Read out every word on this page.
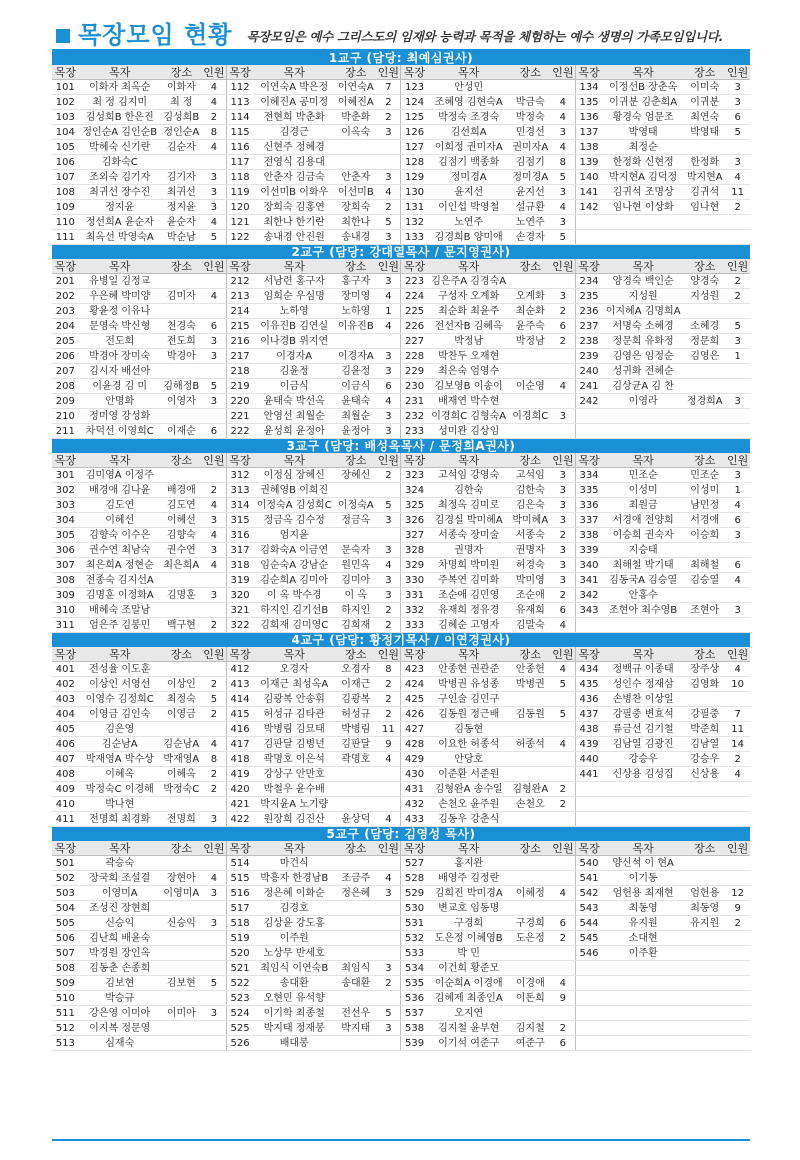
목장모임 현황 목장모임은 예수 그리스도의 임재와 능력과 목적을 체험하는 예수 생명의 가족모임입니다.
1교구 (담당: 최예심권사)
목장	목자	장소	인원	목장	목자	장소	인원	목장	목자	장소	인원	목장	목자	장소	인원
101	이화자 최옥순	이화자	4	112	이연숙A 박은정	이연숙A	7	123	안성민			134	이정선B 장춘옥	이미숙	3
102	최 정 김지미	최 정	4	113	이혜진A 공미정	이혜진A	2	124	조혜영 김현숙A	박금숙	4	135	이귀분 김춘희A	이귀분	3
103	김성희B 한은진	김성희B	2	114	전현희 박춘화	박춘화	2	125	박정숙 조경숙	박정숙	4	136	황경숙 엄문조	최연숙	6
104	정인순A 김인순B	정인순A	8	115	김경근	이옥숙	3	126	김선희A	민경선	3	137	박영태	박영태	5
105	박혜숙 신기란	김순자	4	116	신현주 정혜경			127	이희정 권미자A	권미자A	4	138	최정순		
106	김화숙C			117	전영식 김용대			128	김점기 백종화	김점기	8	139	한정화 신현정	한정화	3
107	조외숙 김기자	김기자	3	118	안춘자 김금숙	안춘자	3	129	정미경A	정미경A	5	140	박지현A 김덕정	박지현A	4
108	최귀선 장수진	최귀선	3	119	이선미B 이화우	이선미B	4	130	윤지선	윤지선	3	141	김귀석 조명상	김귀석	11
109	정지윤	정지윤	3	120	장희숙 김홍연	장희숙	2	131	이인섭 박영철	설규환	4	142	임나현 이상화	임나현	2
110	정선희A 윤순자	윤순자	4	121	최한나 한기란	최한나	5	132	노연주	노연주	3				
111	최옥선 박영숙A	박순남	5	122	송내경 안진원	송내경	3	133	김경희B 양미애	손경자	5				
2교구 (담당: 강대열목사 / 문지영권사)
목장	목자	장소	인원	목장	목자	장소	인원	목장	목자	장소	인원	목장	목자	장소	인원
201	유병일 김정교			212	서남련 홍구자	홍구자	3	223	김은주A 김경숙A			234	양경숙 백인순	양경숙	2
202	우은혜 박미양	김미자	4	213	임희순 우심명	장미영	4	224	구성자 오계화	오계화	3	235	지성원	지성원	2
203	황윤정 이유나			214	노하영	노하영	1	225	최순화 최윤주	최순화	2	236	이지혜A 김명희A		
204	문영숙 박신형	천경숙	6	215	이유진B 김연실	이유진B	4	226	전선자B 김혜옥	윤주숙	6	237	서명숙 소혜경	소혜경	5
205	전도희	전도희	3	216	이나경B 위지연			227	박정남	박정남	2	238	정문희 유화정	정문희	3
206	박경아 장미숙	박경아	3	217	이경자A	이경자A	3	228	박찬두 오재현			239	김영은 임정순	김영은	1
207	김시자 배선아			218	김윤정	김윤정	3	229	최은숙 엄영수			240	성귀화 전혜순		
208	이윤경 김 미	김해정B	5	219	이금식	이금식	6	230	김보영B 이송이	이순영	4	241	김상균A 김 찬		
209	안명화	이영자	3	220	윤태숙 박선옥	윤태숙	4	231	배재연 박수현			242	이영라	정경희A	3
210	정미영 강성화			221	안영선 최월순	최월순	3	232	이경희C 김형숙A	이경희C	3				
211	차덕선 이영희C	이재순	6	222	윤성희 윤정아	윤정아	3	233	성미완 김상임						
3교구 (담당: 배성옥목사 / 문정희A권사)
목장	목자	장소	인원	목장	목자	장소	인원	목장	목자	장소	인원	목장	목자	장소	인원
301	김미영A 이정주			312	이정심 장혜신	장혜신	2	323	고석임 강영숙	고석임	3	334	민조순	민조순	3
302	배경애 김나윤	배경애	2	313	권혜영B 이희진			324	김한숙	김한숙	3	335	이성미	이성미	1
303	김도연	김도연	4	314	이정숙A 김성희C	이정숙A	5	325	최정옥 김미로	김은숙	3	336	최원금	남민정	4
304	이혜선	이혜선	3	315	정금옥 김수정	정금옥	3	326	김경실 박미혜A	박미혜A	3	337	서경애 전양희	서경애	6
305	김향숙 이수은	김향숙	4	316	엄지윤			327	서종숙 장미술	서종숙	2	338	이승희 권숙자	이승희	3
306	권수연 최남숙	권수연	3	317	김화숙A 이금연	문숙자	3	328	권명자	권명자	3	339	지승태		
307	최은희A 정현순	최은희A	4	318	임순숙A 강남순	원민옥	4	329	차명희 박미원	허경숙	3	340	최해철 박기태	최해철	6
308	전종숙 김지선A			319	김순희A 김미아	김미아	3	330	주복연 김미화	박미영	3	341	김동국A 김승열	김승열	4
309	김명훈 이정화A	김명훈	3	320	이 옥 박수경	이 옥	3	331	조순애 김민영	조순애	2	342	안홍수		
310	배혜숙 조말남			321	하지인 김기선B	하지인	2	332	유재희 정유경	유재희	6	343	조현아 최수영B	조현아	3
311	엄은주 김봉민	백구현	2	322	김희재 김미영C	김희재	2	333	김혜순 고영자	김말숙	4				
4교구 (담당: 황정기목사 / 이연경권사)
목장	목자	장소	인원	목장	목자	장소	인원	목장	목자	장소	인원	목장	목자	장소	인원
401	전성율 이도훈			412	오경자	오경자	8	423	안종현 권관준	안종헌	4	434	정백규 이종태	장주상	4
402	이상인 서영선	이상인	2	413	이재근 최성옥A	이재근	2	424	박병권 유성종	박병권	5	435	성인수 정재삼	김영화	10
403	이영수 김정희C	최정숙	5	414	김광복 안송휘	김광복	2	425	구인술 김민구			436	손병찬 이상일		
404	이영금 김인숙	이영금	2	415	허성규 김타관	허성규	2	426	김동원 정근배	김동원	5	437	강필중 변효석	강필중	7
405	김은영			416	박병림 김묘태	박병림	11	427	김동현			438	류금선 김기철	박준희	11
406	김순남A	김순남A	4	417	김판달 김병년	김판달	9	428	이요한 허종석	허종석	4	439	김남열 김광진	김남열	14
407	박재영A 박수상	박재영A	8	418	곽명호 이은석	곽명호	4	429	안당호			440	강승우	강승우	2
408	이혜옥	이혜옥	2	419	강상구 안만호			430	이준환 서준원			441	신상용 김성집	신상용	4
409	박정숙C 이경해	박정숙C	2	420	박철우 윤수배			431	김형완A 송수일	김형완A	2				
410	박나현			421	박지윤A 노기량			432	손천오 윤주원	손천오	2				
411	전명희 최경화	전명희	3	422	원장희 김진산	윤상덕	4	433	김동우 강춘식						
5교구 (담당: 김영성 목사)
목장	목자	장소	인원	목장	목자	장소	인원	목장	목자	장소	인원	목장	목자	장소	인원
501	곽승숙			514	마건식			527	홍지완			540	양신석 이 현A		
502	장국희 조설결	장현아	4	515	박흥자 한경남B	조금주	4	528	배영주 김정란			541	이기동		
503	이영미A	이영미A	3	516	정은혜 이화순	정은혜	3	529	김희진 박미경A	이혜정	4	542	엄헌용 최재현	엄헌용	12
504	조성진 장현희			517	김경호			530	변교호 임동명			543	최동영	최동영	9
505	신승익	신승익	3	518	김상윤 강도홍			531	구경희	구경희	6	544	유지원	유지원	2
506	김난희 배윤숙			519	이주원			532	도은정 이혜영B	도은정	2	545	소대현		
507	박경원 장인옥			520	노상무 반세호			533	박 민			546	이주환		
508	김동춘 손종희			521	최임식 이연숙B	최임식	3	534	이건희 황준모						
509	김보현	김보현	5	522	송대환	송대환	2	535	이순희A 이경애	이경애	4				
510	박승규			523	오현민 유석향			536	김혜제 최종인A	이돈희	9				
511	강은영 이미아	이미아	3	524	이기학 최종철	전선우	5	537	오지연						
512	이지복 정문영			525	박지태 정재봉	박지태	3	538	김지철 윤부현	김지철	2				
513	심재숙			526	배대봉			539	이기석 여준구	여준구	6				
